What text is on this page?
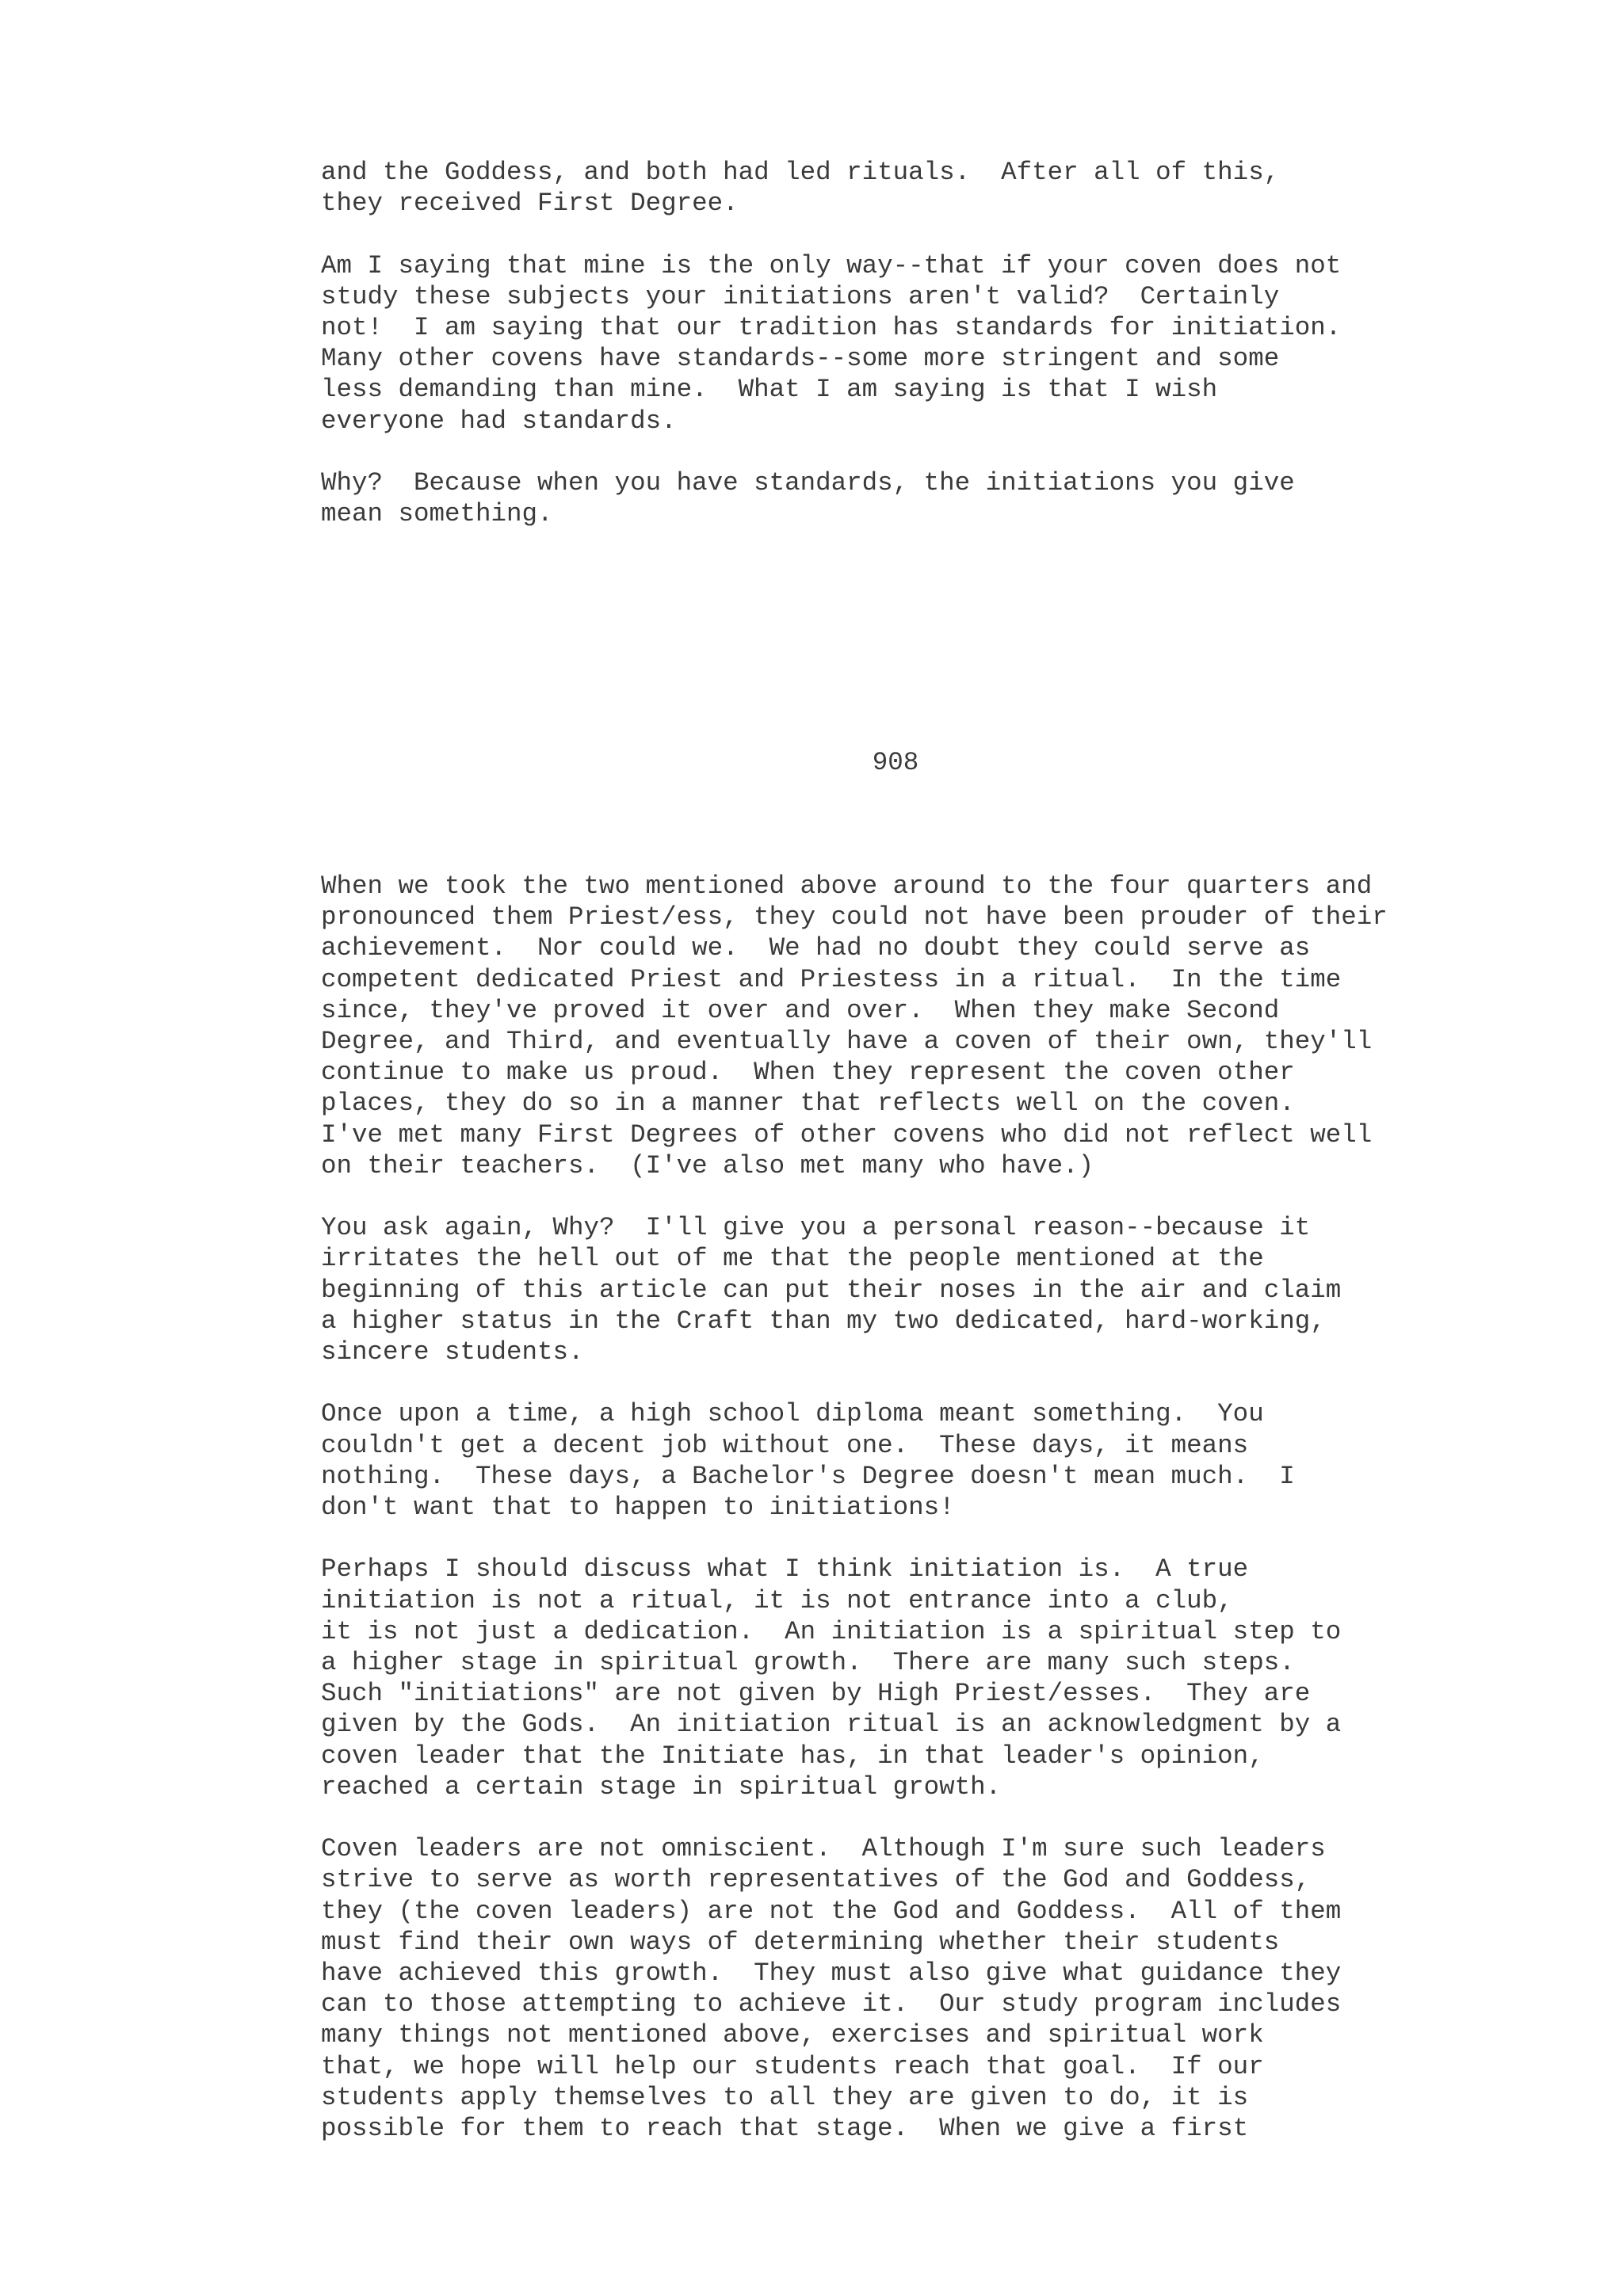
and the Goddess, and both had led rituals.  After all of this,
they received First Degree.
Am I saying that mine is the only way--that if your coven does not
study these subjects your initiations aren't valid?  Certainly
not!  I am saying that our tradition has standards for initiation.
Many other covens have standards--some more stringent and some
less demanding than mine.  What I am saying is that I wish
everyone had standards.
Why?  Because when you have standards, the initiations you give
mean something.
908
When we took the two mentioned above around to the four quarters and
pronounced them Priest/ess, they could not have been prouder of their
achievement.  Nor could we.  We had no doubt they could serve as
competent dedicated Priest and Priestess in a ritual.  In the time
since, they've proved it over and over.  When they make Second
Degree, and Third, and eventually have a coven of their own, they'll
continue to make us proud.  When they represent the coven other
places, they do so in a manner that reflects well on the coven.
I've met many First Degrees of other covens who did not reflect well
on their teachers.  (I've also met many who have.)
You ask again, Why?  I'll give you a personal reason--because it
irritates the hell out of me that the people mentioned at the
beginning of this article can put their noses in the air and claim
a higher status in the Craft than my two dedicated, hard-working,
sincere students.
Once upon a time, a high school diploma meant something.  You
couldn't get a decent job without one.  These days, it means
nothing.  These days, a Bachelor's Degree doesn't mean much.  I
don't want that to happen to initiations!
Perhaps I should discuss what I think initiation is.  A true
initiation is not a ritual, it is not entrance into a club,
it is not just a dedication.  An initiation is a spiritual step to
a higher stage in spiritual growth.  There are many such steps.
Such "initiations" are not given by High Priest/esses.  They are
given by the Gods.  An initiation ritual is an acknowledgment by a
coven leader that the Initiate has, in that leader's opinion,
reached a certain stage in spiritual growth.
Coven leaders are not omniscient.  Although I'm sure such leaders
strive to serve as worth representatives of the God and Goddess,
they (the coven leaders) are not the God and Goddess.  All of them
must find their own ways of determining whether their students
have achieved this growth.  They must also give what guidance they
can to those attempting to achieve it.  Our study program includes
many things not mentioned above, exercises and spiritual work
that, we hope will help our students reach that goal.  If our
students apply themselves to all they are given to do, it is
possible for them to reach that stage.  When we give a first
